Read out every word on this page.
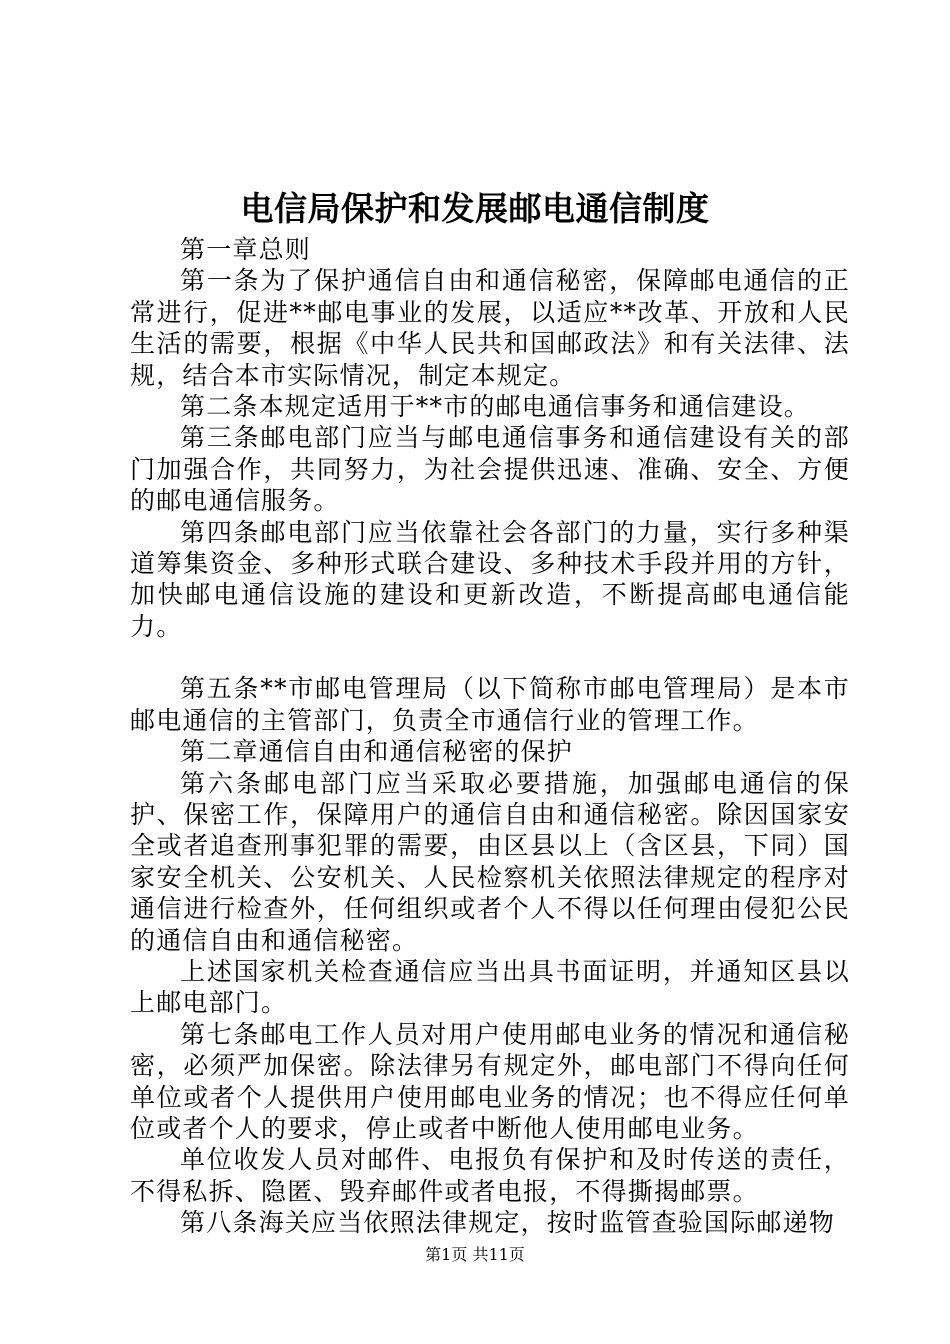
电信局保护和发展邮电通信制度

第一章总则

第一条为了保护通信自由和通信秘密，保障邮电通信的正常进行，促进**邮电事业的发展，以适应**改革、开放和人民生活的需要，根据《中华人民共和国邮政法》和有关法律、法规，结合本市实际情况，制定本规定。

第二条本规定适用于**市的邮电通信事务和通信建设。

第三条邮电部门应当与邮电通信事务和通信建设有关的部门加强合作，共同努力，为社会提供迅速、准确、安全、方便的邮电通信服务。

第四条邮电部门应当依靠社会各部门的力量，实行多种渠道筹集资金、多种形式联合建设、多种技术手段并用的方针，加快邮电通信设施的建设和更新改造，不断提高邮电通信能力。

第五条**市邮电管理局（以下简称市邮电管理局）是本市邮电通信的主管部门，负责全市通信行业的管理工作。

第二章通信自由和通信秘密的保护

第六条邮电部门应当采取必要措施，加强邮电通信的保护、保密工作，保障用户的通信自由和通信秘密。除因国家安全或者追查刑事犯罪的需要，由区县以上（含区县，下同）国家安全机关、公安机关、人民检察机关依照法律规定的程序对通信进行检查外，任何组织或者个人不得以任何理由侵犯公民的通信自由和通信秘密。

上述国家机关检查通信应当出具书面证明，并通知区县以上邮电部门。

第七条邮电工作人员对用户使用邮电业务的情况和通信秘密，必须严加保密。除法律另有规定外，邮电部门不得向任何单位或者个人提供用户使用邮电业务的情况；也不得应任何单位或者个人的要求，停止或者中断他人使用邮电业务。

单位收发人员对邮件、电报负有保护和及时传送的责任，不得私拆、隐匿、毁弃邮件或者电报，不得撕揭邮票。

第八条海关应当依照法律规定，按时监管查验国际邮递物

第1页 共11页
